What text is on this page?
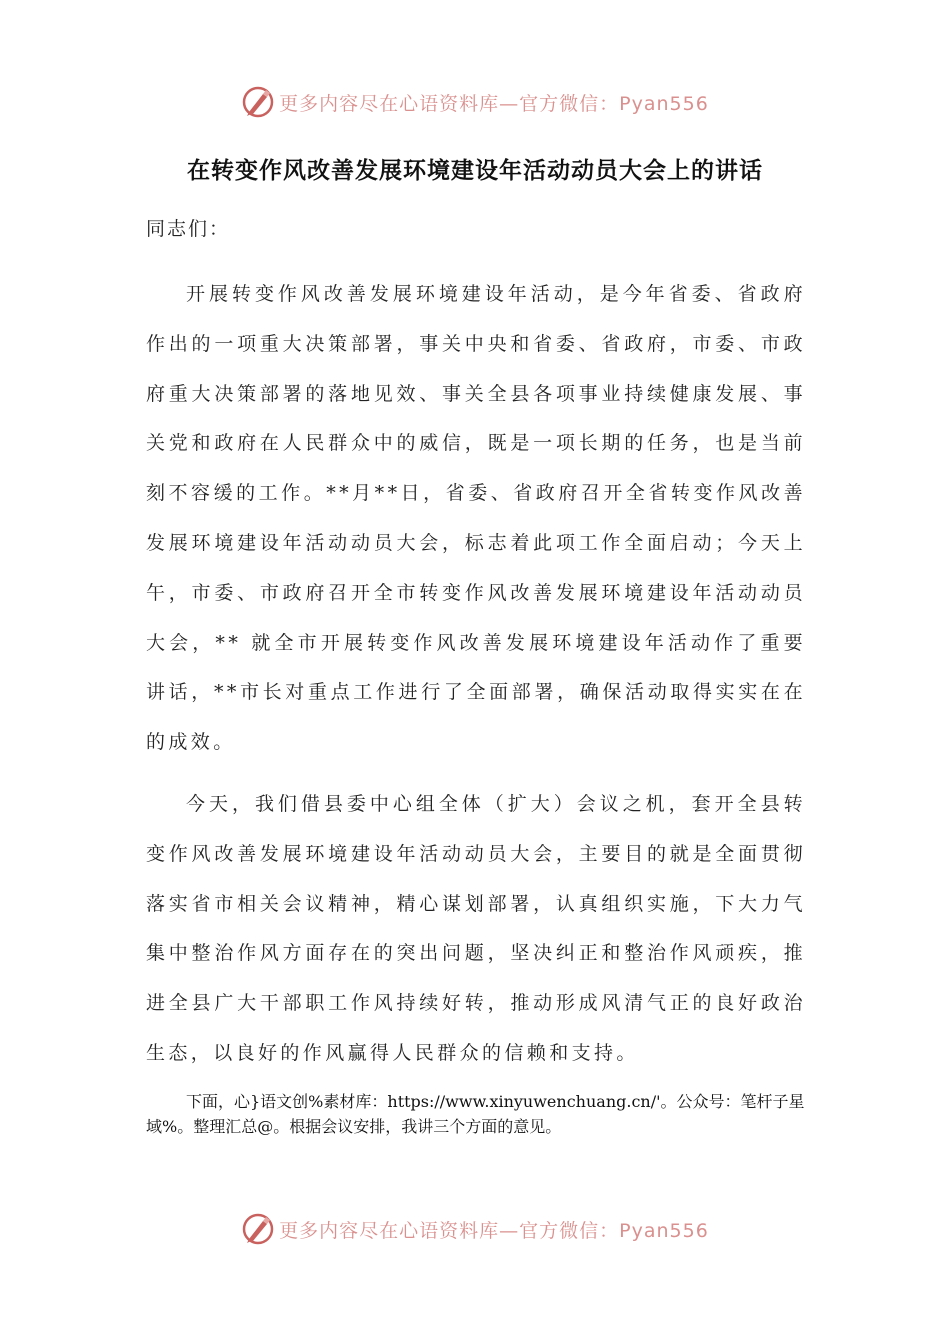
更多内容尽在心语资料库— 官方微信：Pyan556
在转变作风改善发展环境建设年活动动员大会上的讲话
同志们：
开展转变作风改善发展环境建设年活动，是今年省委、省政府作出的一项重大决策部署，事关中央和省委、省政府，市委、市政府重大决策部署的落地见效、事关全县各项事业持续健康发展、事关党和政府在人民群众中的威信，既是一项长期的任务，也是当前刻不容缓的工作。**月**日，省委、省政府召开全省转变作风改善发展环境建设年活动动员大会，标志着此项工作全面启动；今天上午，市委、市政府召开全市转变作风改善发展环境建设年活动动员大会，** 就全市开展转变作风改善发展环境建设年活动作了重要讲话，**市长对重点工作进行了全面部署，确保活动取得实实在在的成效。
今天，我们借县委中心组全体（扩大）会议之机，套开全县转变作风改善发展环境建设年活动动员大会，主要目的就是全面贯彻落实省市相关会议精神，精心谋划部署，认真组织实施，下大力气集中整治作风方面存在的突出问题，坚决纠正和整治作风顽疾，推进全县广大干部职工作风持续好转，推动形成风清气正的良好政治生态，以良好的作风赢得人民群众的信赖和支持。
下面，心}语文创%素材库：https://www.xinyuwenchuang.cn/'。公众号：笔杆子星域%。整理汇总@。根据会议安排，我讲三个方面的意见。
更多内容尽在心语资料库— 官方微信：Pyan556
